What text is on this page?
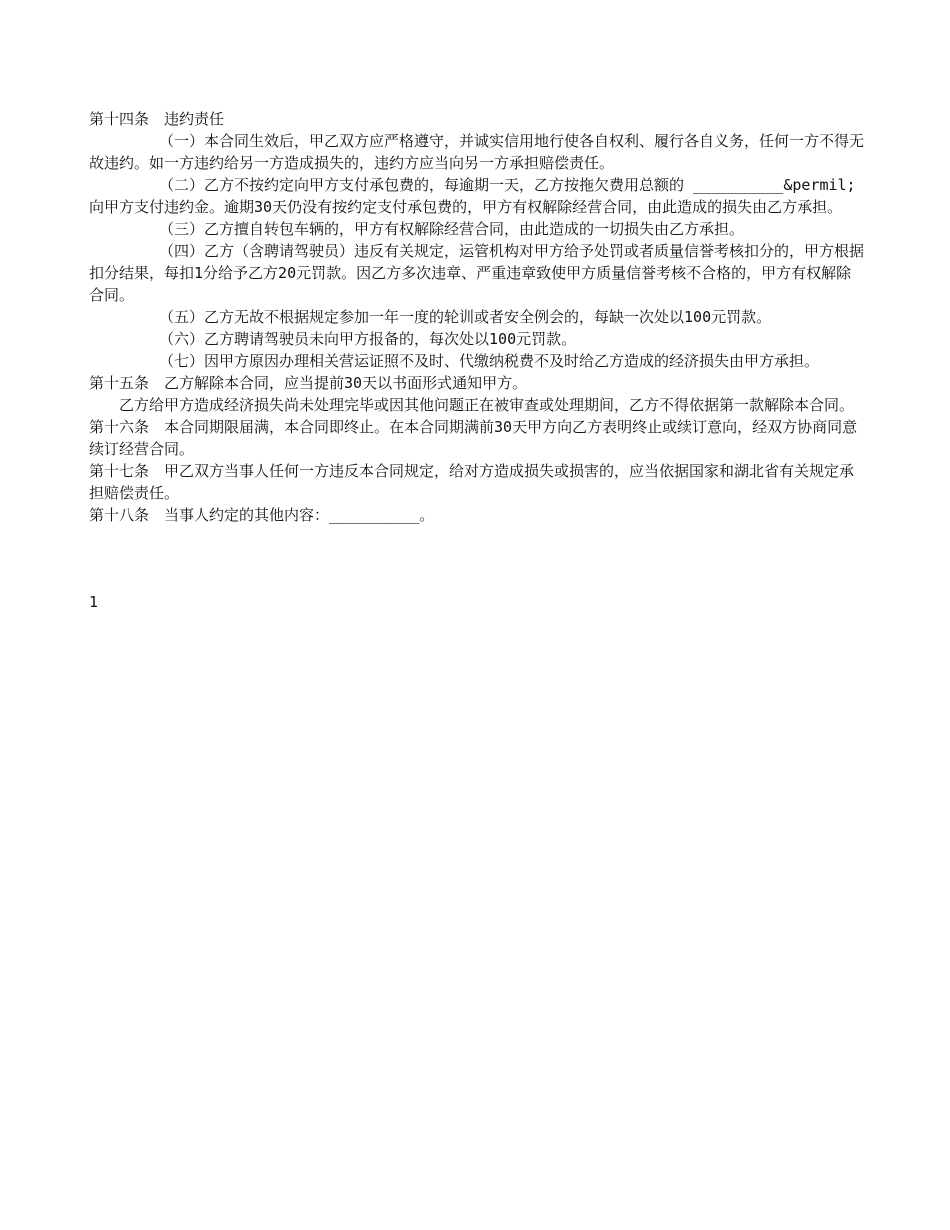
第十四条　违约责任

（一）本合同生效后，甲乙双方应严格遵守，并诚实信用地行使各自权利、履行各自义务，任何一方不得无故违约。如一方违约给另一方造成损失的，违约方应当向另一方承担赔偿责任。

（二）乙方不按约定向甲方支付承包费的，每逾期一天，乙方按拖欠费用总额的 __________&permil;向甲方支付违约金。逾期30天仍没有按约定支付承包费的，甲方有权解除经营合同，由此造成的损失由乙方承担。

（三）乙方擅自转包车辆的，甲方有权解除经营合同，由此造成的一切损失由乙方承担。

（四）乙方（含聘请驾驶员）违反有关规定，运管机构对甲方给予处罚或者质量信誉考核扣分的，甲方根据扣分结果，每扣1分给予乙方20元罚款。因乙方多次违章、严重违章致使甲方质量信誉考核不合格的，甲方有权解除合同。

（五）乙方无故不根据规定参加一年一度的轮训或者安全例会的，每缺一次处以100元罚款。

（六）乙方聘请驾驶员未向甲方报备的，每次处以100元罚款。

（七）因甲方原因办理相关营运证照不及时、代缴纳税费不及时给乙方造成的经济损失由甲方承担。

第十五条　乙方解除本合同，应当提前30天以书面形式通知甲方。

乙方给甲方造成经济损失尚未处理完毕或因其他问题正在被审查或处理期间，乙方不得依据第一款解除本合同。

第十六条　本合同期限届满，本合同即终止。在本合同期满前30天甲方向乙方表明终止或续订意向，经双方协商同意续订经营合同。

第十七条　甲乙双方当事人任何一方违反本合同规定，给对方造成损失或损害的，应当依据国家和湖北省有关规定承担赔偿责任。

第十八条　当事人约定的其他内容：__________。

1
